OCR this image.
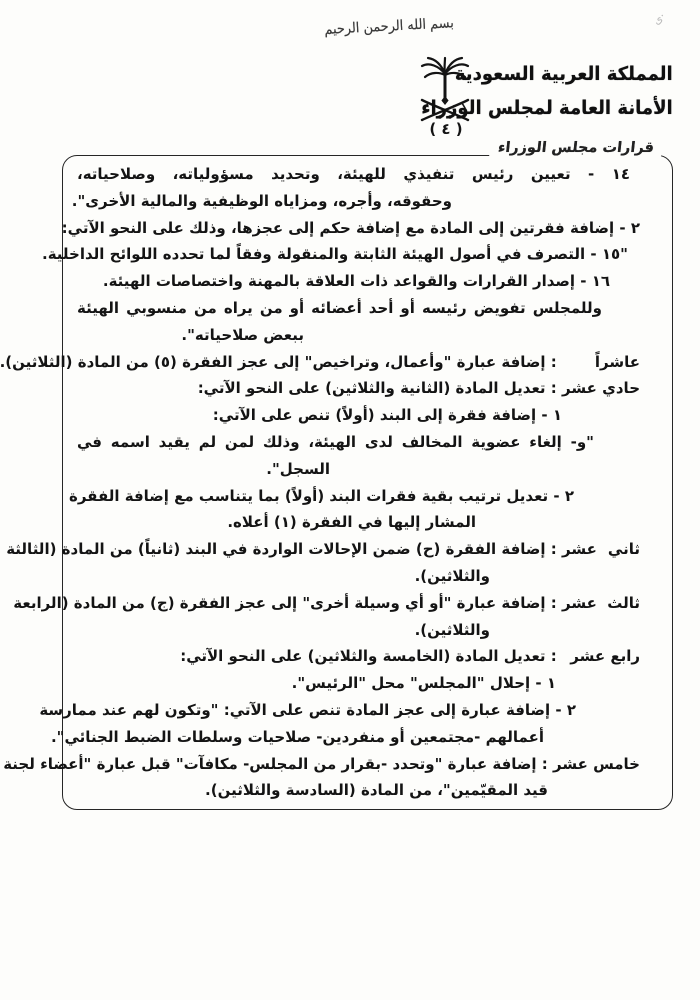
بسم الله الرحمن الرحيم	ى·
( ٤ )
المملكة العربية السعودية
الأمانة العامة لمجلس الوزراء
قرارات مجلس الوزراء
١٤ - تعيين رئيس تنفيذي للهيئة، وتحديد مسؤولياته، وصلاحياته،
وحقوقه، وأجره، ومزاياه الوظيفية والمالية الأخرى".
٢ - إضافة فقرتين إلى المادة مع إضافة حكم إلى عجزها، وذلك على النحو الآتي:
"١٥ - التصرف في أصول الهيئة الثابتة والمنقولة وفقاً لما تحدده اللوائح الداخلية.
١٦ - إصدار القرارات والقواعد ذات العلاقة بالمهنة واختصاصات الهيئة.
وللمجلس تفويض رئيسه أو أحد أعضائه أو من يراه من منسوبي الهيئة
ببعض صلاحياته".
عاشراً : إضافة عبارة "وأعمال، وتراخيص" إلى عجز الفقرة (٥) من المادة (الثلاثين).
حادي عشر : تعديل المادة (الثانية والثلاثين) على النحو الآتي:
١ - إضافة فقرة إلى البند (أولاً) تنص على الآتي:
"و- إلغاء عضوية المخالف لدى الهيئة، وذلك لمن لم يقيد اسمه في
السجل".
٢ - تعديل ترتيب بقية فقرات البند (أولاً) بما يتناسب مع إضافة الفقرة
المشار إليها في الفقرة (١) أعلاه.
ثاني عشر : إضافة الفقرة (ح) ضمن الإحالات الواردة في البند (ثانياً) من المادة (الثالثة
والثلاثين).
ثالث عشر : إضافة عبارة "أو أي وسيلة أخرى" إلى عجز الفقرة (ج) من المادة (الرابعة
والثلاثين).
رابع عشر : تعديل المادة (الخامسة والثلاثين) على النحو الآتي:
١ - إحلال "المجلس" محل "الرئيس".
٢ - إضافة عبارة إلى عجز المادة تنص على الآتي: "وتكون لهم عند ممارسة
أعمالهم -مجتمعين أو منفردين- صلاحيات وسلطات الضبط الجنائي".
خامس عشر : إضافة عبارة "وتحدد -بقرار من المجلس- مكافآت" قبل عبارة "أعضاء لجنة
قيد المقيّمين"، من المادة (السادسة والثلاثين).
